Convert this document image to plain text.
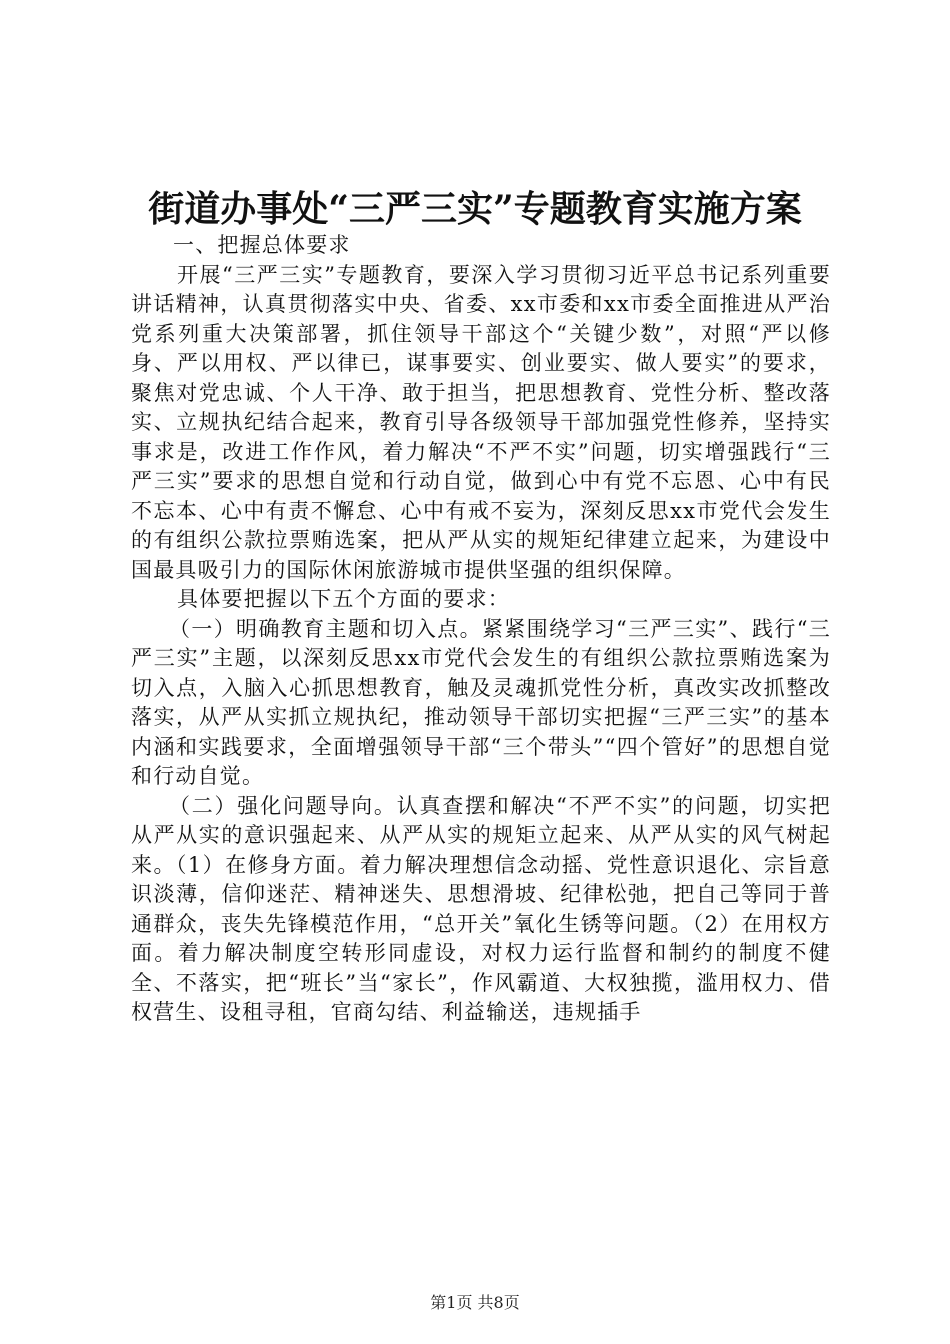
街道办事处“三严三实”专题教育实施方案

一、把握总体要求

开展“三严三实”专题教育，要深入学习贯彻习近平总书记系列重要讲话精神，认真贯彻落实中央、省委、xx市委和xx市委全面推进从严治党系列重大决策部署，抓住领导干部这个“关键少数”，对照“严以修身、严以用权、严以律已，谋事要实、创业要实、做人要实”的要求，聚焦对党忠诚、个人干净、敢于担当，把思想教育、党性分析、整改落实、立规执纪结合起来，教育引导各级领导干部加强党性修养，坚持实事求是，改进工作作风，着力解决“不严不实”问题，切实增强践行“三严三实”要求的思想自觉和行动自觉，做到心中有党不忘恩、心中有民不忘本、心中有责不懈怠、心中有戒不妄为，深刻反思xx市党代会发生的有组织公款拉票贿选案，把从严从实的规矩纪律建立起来，为建设中国最具吸引力的国际休闲旅游城市提供坚强的组织保障。

具体要把握以下五个方面的要求：

（一）明确教育主题和切入点。紧紧围绕学习“三严三实”、践行“三严三实”主题，以深刻反思xx市党代会发生的有组织公款拉票贿选案为切入点，入脑入心抓思想教育，触及灵魂抓党性分析，真改实改抓整改落实，从严从实抓立规执纪，推动领导干部切实把握“三严三实”的基本内涵和实践要求，全面增强领导干部“三个带头”“四个管好”的思想自觉和行动自觉。

（二）强化问题导向。认真查摆和解决“不严不实”的问题，切实把从严从实的意识强起来、从严从实的规矩立起来、从严从实的风气树起来。（1）在修身方面。着力解决理想信念动摇、党性意识退化、宗旨意识淡薄，信仰迷茫、精神迷失、思想滑坡、纪律松弛，把自己等同于普通群众，丧失先锋模范作用，“总开关”氧化生锈等问题。（2）在用权方面。着力解决制度空转形同虚设，对权力运行监督和制约的制度不健全、不落实，把“班长”当“家长”，作风霸道、大权独揽，滥用权力、借权营生、设租寻租，官商勾结、利益输送，违规插手

第1页 共8页
